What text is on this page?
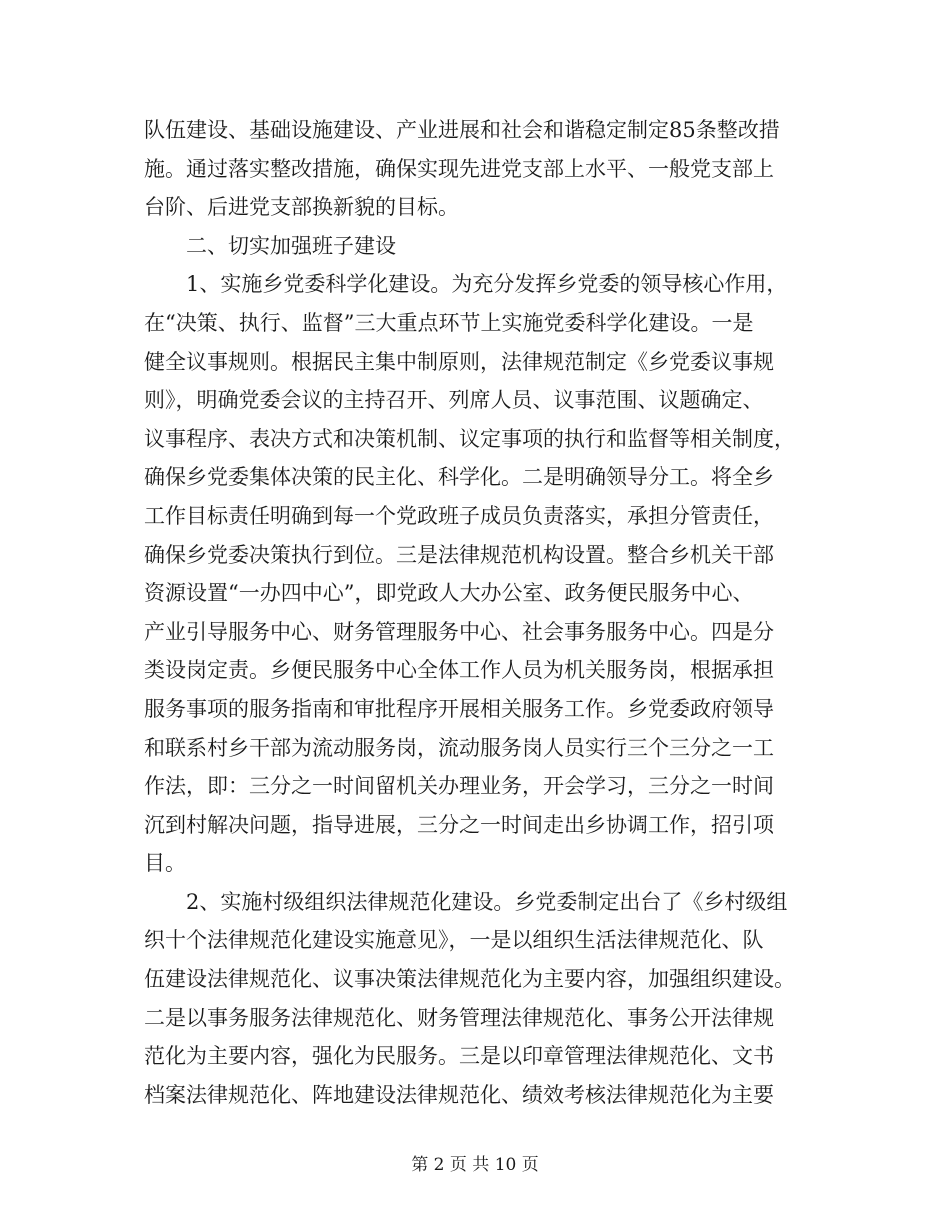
队伍建设、基础设施建设、产业进展和社会和谐稳定制定85条整改措
施。通过落实整改措施，确保实现先进党支部上水平、一般党支部上
台阶、后进党支部换新貌的目标。
　　二、切实加强班子建设
　　1、实施乡党委科学化建设。为充分发挥乡党委的领导核心作用，
在“决策、执行、监督”三大重点环节上实施党委科学化建设。一是
健全议事规则。根据民主集中制原则，法律规范制定《乡党委议事规
则》，明确党委会议的主持召开、列席人员、议事范围、议题确定、
议事程序、表决方式和决策机制、议定事项的执行和监督等相关制度，
确保乡党委集体决策的民主化、科学化。二是明确领导分工。将全乡
工作目标责任明确到每一个党政班子成员负责落实，承担分管责任，
确保乡党委决策执行到位。三是法律规范机构设置。整合乡机关干部
资源设置“一办四中心”，即党政人大办公室、政务便民服务中心、
产业引导服务中心、财务管理服务中心、社会事务服务中心。四是分
类设岗定责。乡便民服务中心全体工作人员为机关服务岗，根据承担
服务事项的服务指南和审批程序开展相关服务工作。乡党委政府领导
和联系村乡干部为流动服务岗，流动服务岗人员实行三个三分之一工
作法，即：三分之一时间留机关办理业务，开会学习，三分之一时间
沉到村解决问题，指导进展，三分之一时间走出乡协调工作，招引项
目。
　　2、实施村级组织法律规范化建设。乡党委制定出台了《乡村级组
织十个法律规范化建设实施意见》，一是以组织生活法律规范化、队
伍建设法律规范化、议事决策法律规范化为主要内容，加强组织建设。
二是以事务服务法律规范化、财务管理法律规范化、事务公开法律规
范化为主要内容，强化为民服务。三是以印章管理法律规范化、文书
档案法律规范化、阵地建设法律规范化、绩效考核法律规范化为主要
第 2 页 共 10 页
